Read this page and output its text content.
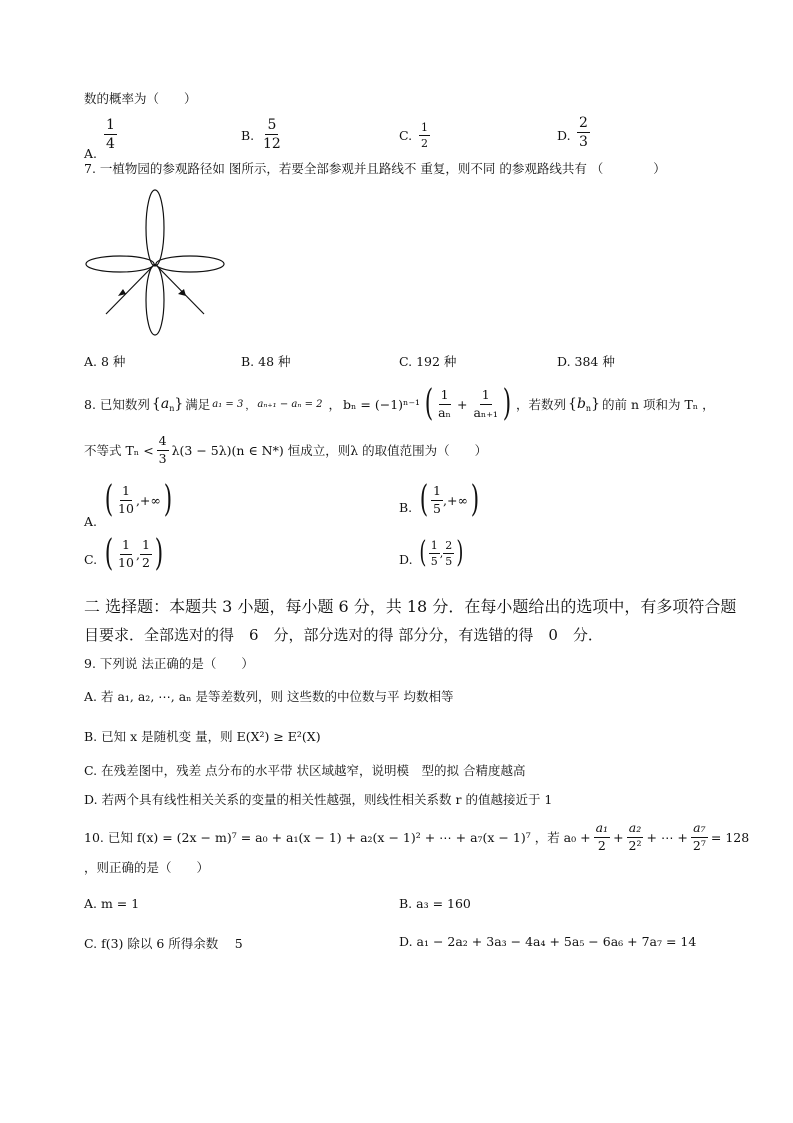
数的概率为（　　）
A.
$\frac{1}{4}$	B. $\frac{5}{12}$	C. $\frac{1}{2}$	D. $\frac{2}{3}$
7. 一植物园的参观路径如 图所示，若要全部参观并且路线不 重复，则不同 的参观路线共有 （　　　　）
A. 8 种	B. 48 种	C. 192 种	D. 384 种
8. 已知数列 $\{a_n\}$ 满足 a₁ = 3 ， aₙ₊₁ − aₙ = 2 ， bₙ = (−1)ⁿ⁻¹ ( $\frac{1}{\text{aₙ}} + \frac{1}{\text{aₙ₊₁}}$ ) ，若数列 $\{b_n\}$ 的前 n 项和为 Tₙ ，
不等式 $T_n < \frac{4}{3} \lambda(3 - 5\lambda)(n$ ∈ N*) 恒成立，则λ 的取值范围为（　　）
A.
( $\frac{1}{10}$ ,+∞ )	B. ( $\frac{1}{5}$ ,+∞ )
C. ( $\frac{1}{10}$ , $\frac{1}{2}$ )	D. ( $\frac{1}{5}$ , $\frac{2}{5}$ )
二 选择题：本题共 3 小题，每小题 6 分，共 18 分．在每小题给出的选项中，有多项符合题
目要求．全部选对的得　6　分，部分选对的得 部分分，有选错的得　0　分．
9. 下列说 法正确的是（　　）
A. 若 a₁, a₂, ⋯, aₙ 是等差数列，则 这些数的中位数与平 均数相等
B. 已知 x 是随机变 量，则 E(X²) ≥ E²(X)
C. 在残差图中，残差 点分布的水平带 状区域越窄，说明模　型的拟 合精度越高
D. 若两个具有线性相关关系的变量的相关性越强，则线性相关系数 r 的值越接近于 1
10. 已知 f(x) = (2x − m)⁷ = a₀ + a₁(x − 1) + a₂(x − 1)² + ⋯ + a₇(x − 1)⁷ ，若 $a_0 + \frac{\text{a₁}}{2} + \frac{\text{a₂}}{\text{2²}}$ + ⋯ + $\frac{\text{a₇}}{\text{2⁷}} = 128$
，则正确的是（　　）
A. m = 1	B. a₃ = 160
C. f(3) 除以 6 所得余数　 5	D. a₁ − 2a₂ + 3a₃ − 4a₄ + 5a₅ − 6a₆ + 7a₇ = 14
